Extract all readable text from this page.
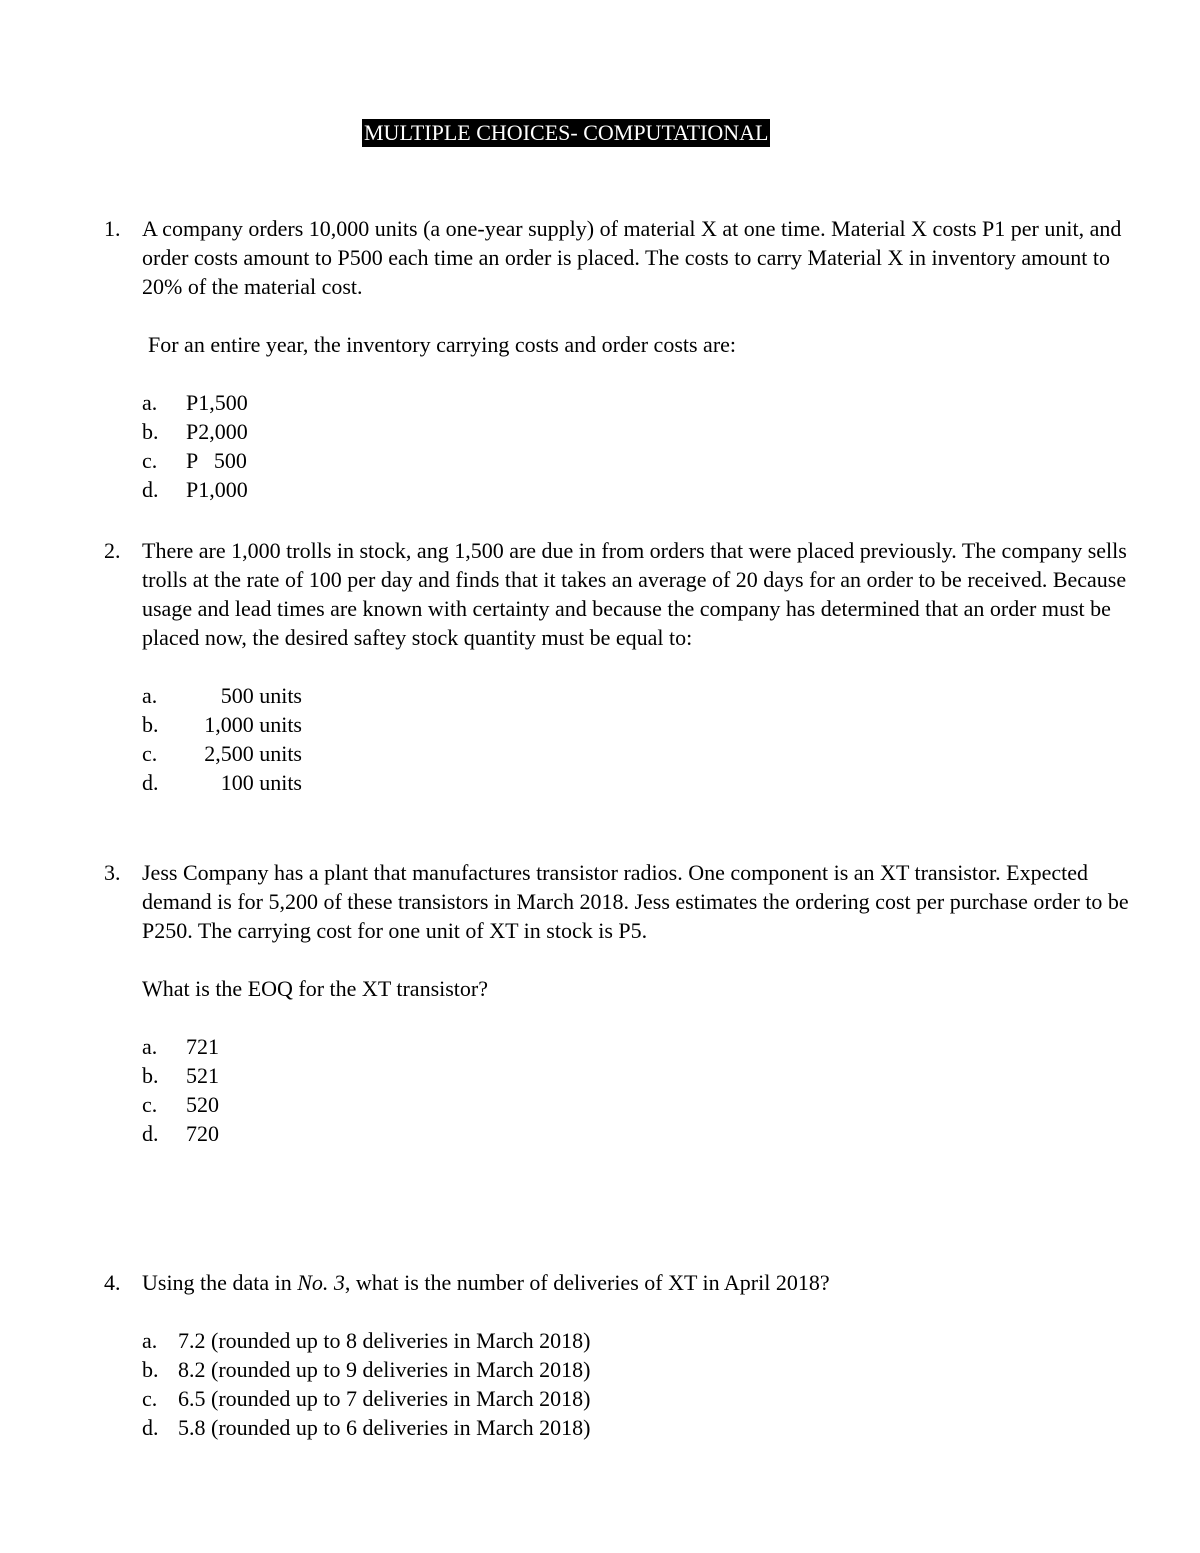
MULTIPLE CHOICES- COMPUTATIONAL
1. A company orders 10,000 units (a one-year supply) of material X at one time. Material X costs P1 per unit, and order costs amount to P500 each time an order is placed. The costs to carry Material X in inventory amount to 20% of the material cost.
For an entire year, the inventory carrying costs and order costs are:
a. P1,500
b. P2,000
c. P   500
d. P1,000
2. There are 1,000 trolls in stock, ang 1,500 are due in from orders that were placed previously. The company sells trolls at the rate of 100 per day and finds that it takes an average of 20 days for an order to be received. Because usage and lead times are known with certainty and because the company has determined that an order must be placed now, the desired saftey stock quantity must be equal to:
a.	500 units
b.	1,000 units
c.	2,500 units
d.	100 units
3. Jess Company has a plant that manufactures transistor radios. One component is an XT transistor. Expected demand is for 5,200 of these transistors in March 2018. Jess estimates the ordering cost per purchase order to be P250. The carrying cost for one unit of XT in stock is P5.
What is the EOQ for the XT transistor?
a. 721
b. 521
c. 520
d. 720
4. Using the data in No. 3, what is the number of deliveries of XT in April 2018?
a. 7.2 (rounded up to 8 deliveries in March 2018)
b. 8.2 (rounded up to 9 deliveries in March 2018)
c. 6.5 (rounded up to 7 deliveries in March 2018)
d. 5.8 (rounded up to 6 deliveries in March 2018)
